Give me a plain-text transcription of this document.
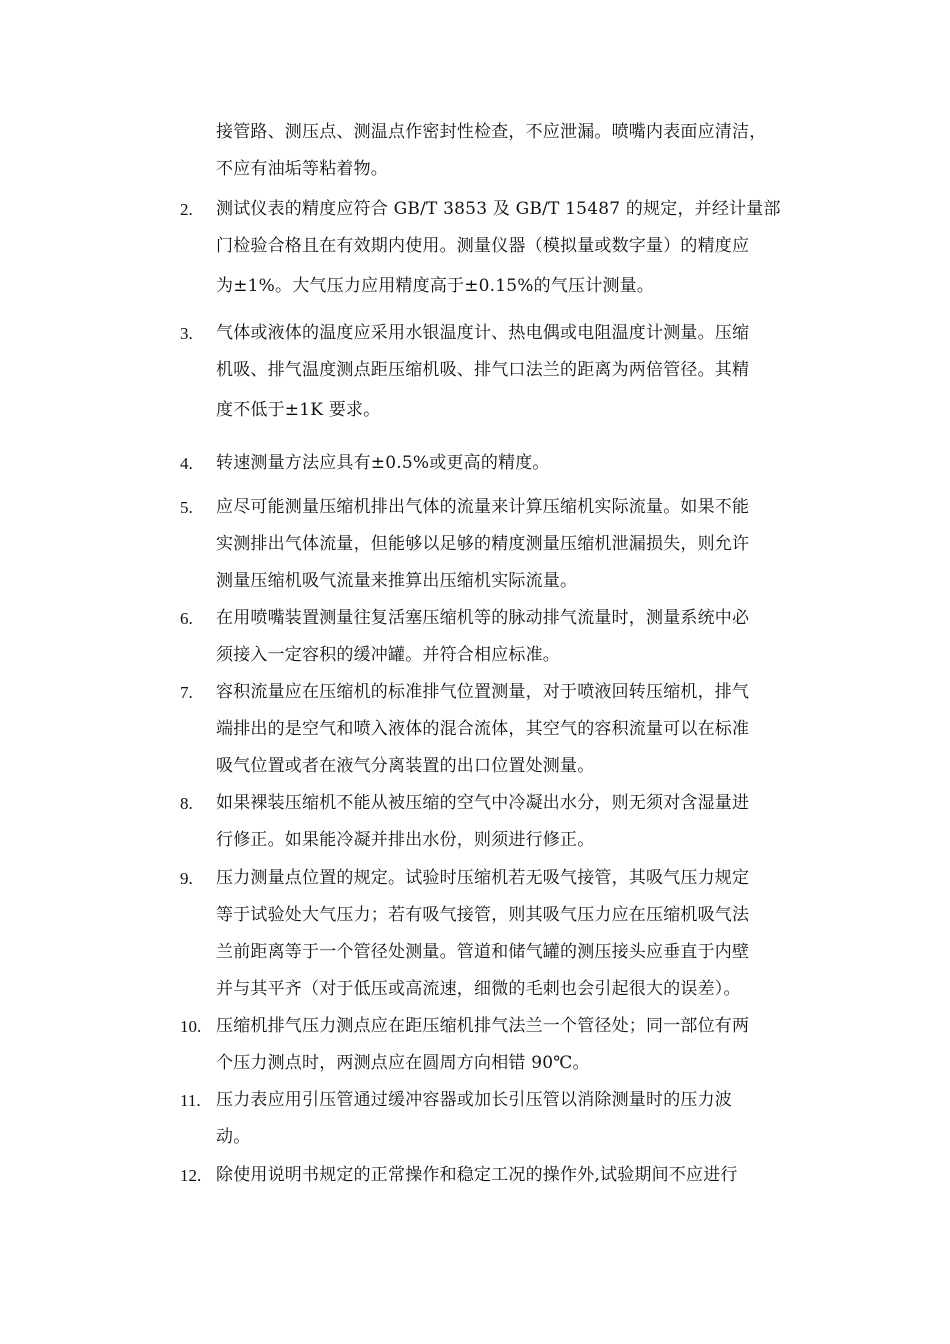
接管路、测压点、测温点作密封性检查，不应泄漏。喷嘴内表面应清洁，
不应有油垢等粘着物。
2.	测试仪表的精度应符合 GB/T 3853 及 GB/T 15487 的规定，并经计量部
门检验合格且在有效期内使用。测量仪器（模拟量或数字量）的精度应
为±1%。大气压力应用精度高于±0.15%的气压计测量。
3.	气体或液体的温度应采用水银温度计、热电偶或电阻温度计测量。压缩
机吸、排气温度测点距压缩机吸、排气口法兰的距离为两倍管径。其精
度不低于±1K 要求。
4.	转速测量方法应具有±0.5%或更高的精度。
5.	应尽可能测量压缩机排出气体的流量来计算压缩机实际流量。如果不能
实测排出气体流量，但能够以足够的精度测量压缩机泄漏损失，则允许
测量压缩机吸气流量来推算出压缩机实际流量。
6.	在用喷嘴装置测量往复活塞压缩机等的脉动排气流量时，测量系统中必
须接入一定容积的缓冲罐。并符合相应标准。
7.	容积流量应在压缩机的标准排气位置测量，对于喷液回转压缩机，排气
端排出的是空气和喷入液体的混合流体，其空气的容积流量可以在标准
吸气位置或者在液气分离装置的出口位置处测量。
8.	如果裸装压缩机不能从被压缩的空气中冷凝出水分，则无须对含湿量进
行修正。如果能冷凝并排出水份，则须进行修正。
9.	压力测量点位置的规定。试验时压缩机若无吸气接管，其吸气压力规定
等于试验处大气压力；若有吸气接管，则其吸气压力应在压缩机吸气法
兰前距离等于一个管径处测量。管道和储气罐的测压接头应垂直于内壁
并与其平齐（对于低压或高流速，细微的毛刺也会引起很大的误差）。
10. 压缩机排气压力测点应在距压缩机排气法兰一个管径处；同一部位有两
个压力测点时，两测点应在圆周方向相错 90℃。
11. 压力表应用引压管通过缓冲容器或加长引压管以消除测量时的压力波
动。
12. 除使用说明书规定的正常操作和稳定工况的操作外,试验期间不应进行
